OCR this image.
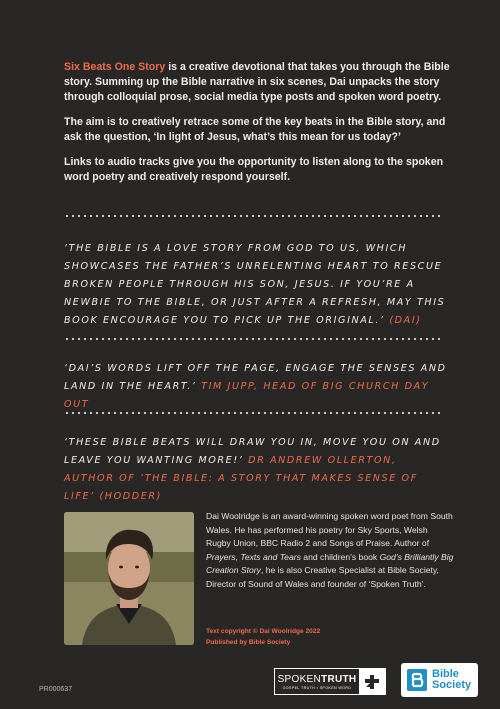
Six Beats One Story is a creative devotional that takes you through the Bible story. Summing up the Bible narrative in six scenes, Dai unpacks the story through colloquial prose, social media type posts and spoken word poetry.

The aim is to creatively retrace some of the key beats in the Bible story, and ask the question, ‘In light of Jesus, what’s this mean for us today?’

Links to audio tracks give you the opportunity to listen along to the spoken word poetry and creatively respond yourself.

‘THE BIBLE IS A LOVE STORY FROM GOD TO US, WHICH SHOWCASES THE FATHER’S UNRELENTING HEART TO RESCUE BROKEN PEOPLE THROUGH HIS SON, JESUS. IF YOU’RE A NEWBIE TO THE BIBLE, OR JUST AFTER A REFRESH, MAY THIS BOOK ENCOURAGE YOU TO PICK UP THE ORIGINAL.’ (DAI)
‘DAI’S WORDS LIFT OFF THE PAGE, ENGAGE THE SENSES AND LAND IN THE HEART.’ TIM JUPP, HEAD OF BIG CHURCH DAY OUT
‘THESE BIBLE BEATS WILL DRAW YOU IN, MOVE YOU ON AND LEAVE YOU WANTING MORE!’ DR ANDREW OLLERTON, AUTHOR OF ‘THE BIBLE: A STORY THAT MAKES SENSE OF LIFE’ (HODDER)
Dai Woolridge is an award-winning spoken word poet from South Wales. He has performed his poetry for Sky Sports, Welsh Rugby Union, BBC Radio 2 and Songs of Praise. Author of Prayers, Texts and Tears and children’s book God’s Brilliantly Big Creation Story, he is also Creative Specialist at Bible Society, Director of Sound of Wales and founder of ‘Spoken Truth’.
Text copyright © Dai Woolridge 2022
Published by Bible Society
PR000637
SPOKENTRUTH
GOSPEL TRUTH • SPOKEN WORD
Bible
Society
